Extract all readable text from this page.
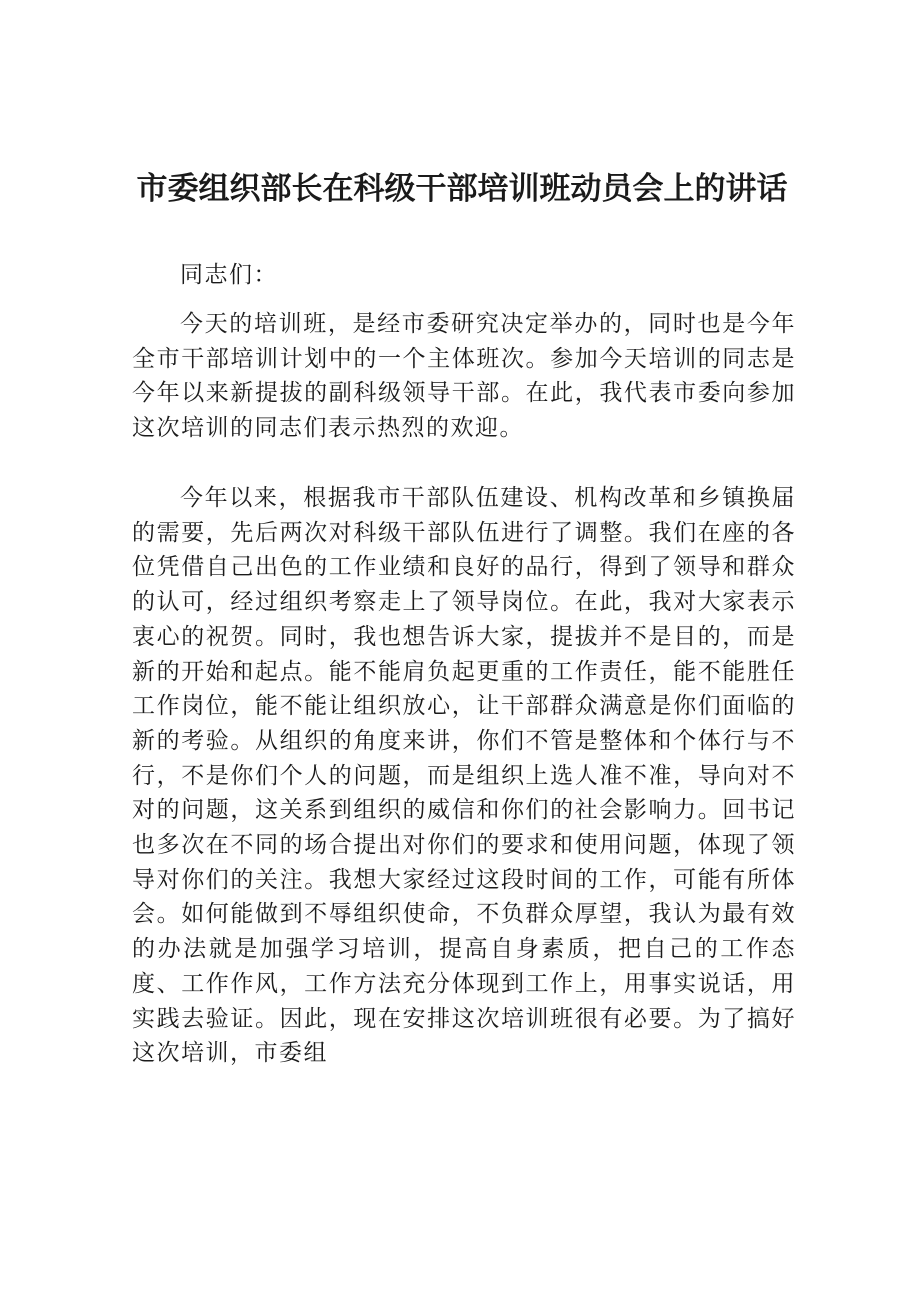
市委组织部长在科级干部培训班动员会上的讲话

同志们：

今天的培训班，是经市委研究决定举办的，同时也是今年全市干部培训计划中的一个主体班次。参加今天培训的同志是今年以来新提拔的副科级领导干部。在此，我代表市委向参加这次培训的同志们表示热烈的欢迎。

今年以来，根据我市干部队伍建设、机构改革和乡镇换届的需要，先后两次对科级干部队伍进行了调整。我们在座的各位凭借自己出色的工作业绩和良好的品行，得到了领导和群众的认可，经过组织考察走上了领导岗位。在此，我对大家表示衷心的祝贺。同时，我也想告诉大家，提拔并不是目的，而是新的开始和起点。能不能肩负起更重的工作责任，能不能胜任工作岗位，能不能让组织放心，让干部群众满意是你们面临的新的考验。从组织的角度来讲，你们不管是整体和个体行与不行，不是你们个人的问题，而是组织上选人准不准，导向对不对的问题，这关系到组织的威信和你们的社会影响力。回书记也多次在不同的场合提出对你们的要求和使用问题，体现了领导对你们的关注。我想大家经过这段时间的工作，可能有所体会。如何能做到不辱组织使命，不负群众厚望，我认为最有效的办法就是加强学习培训，提高自身素质，把自己的工作态度、工作作风，工作方法充分体现到工作上，用事实说话，用实践去验证。因此，现在安排这次培训班很有必要。为了搞好这次培训，市委组
